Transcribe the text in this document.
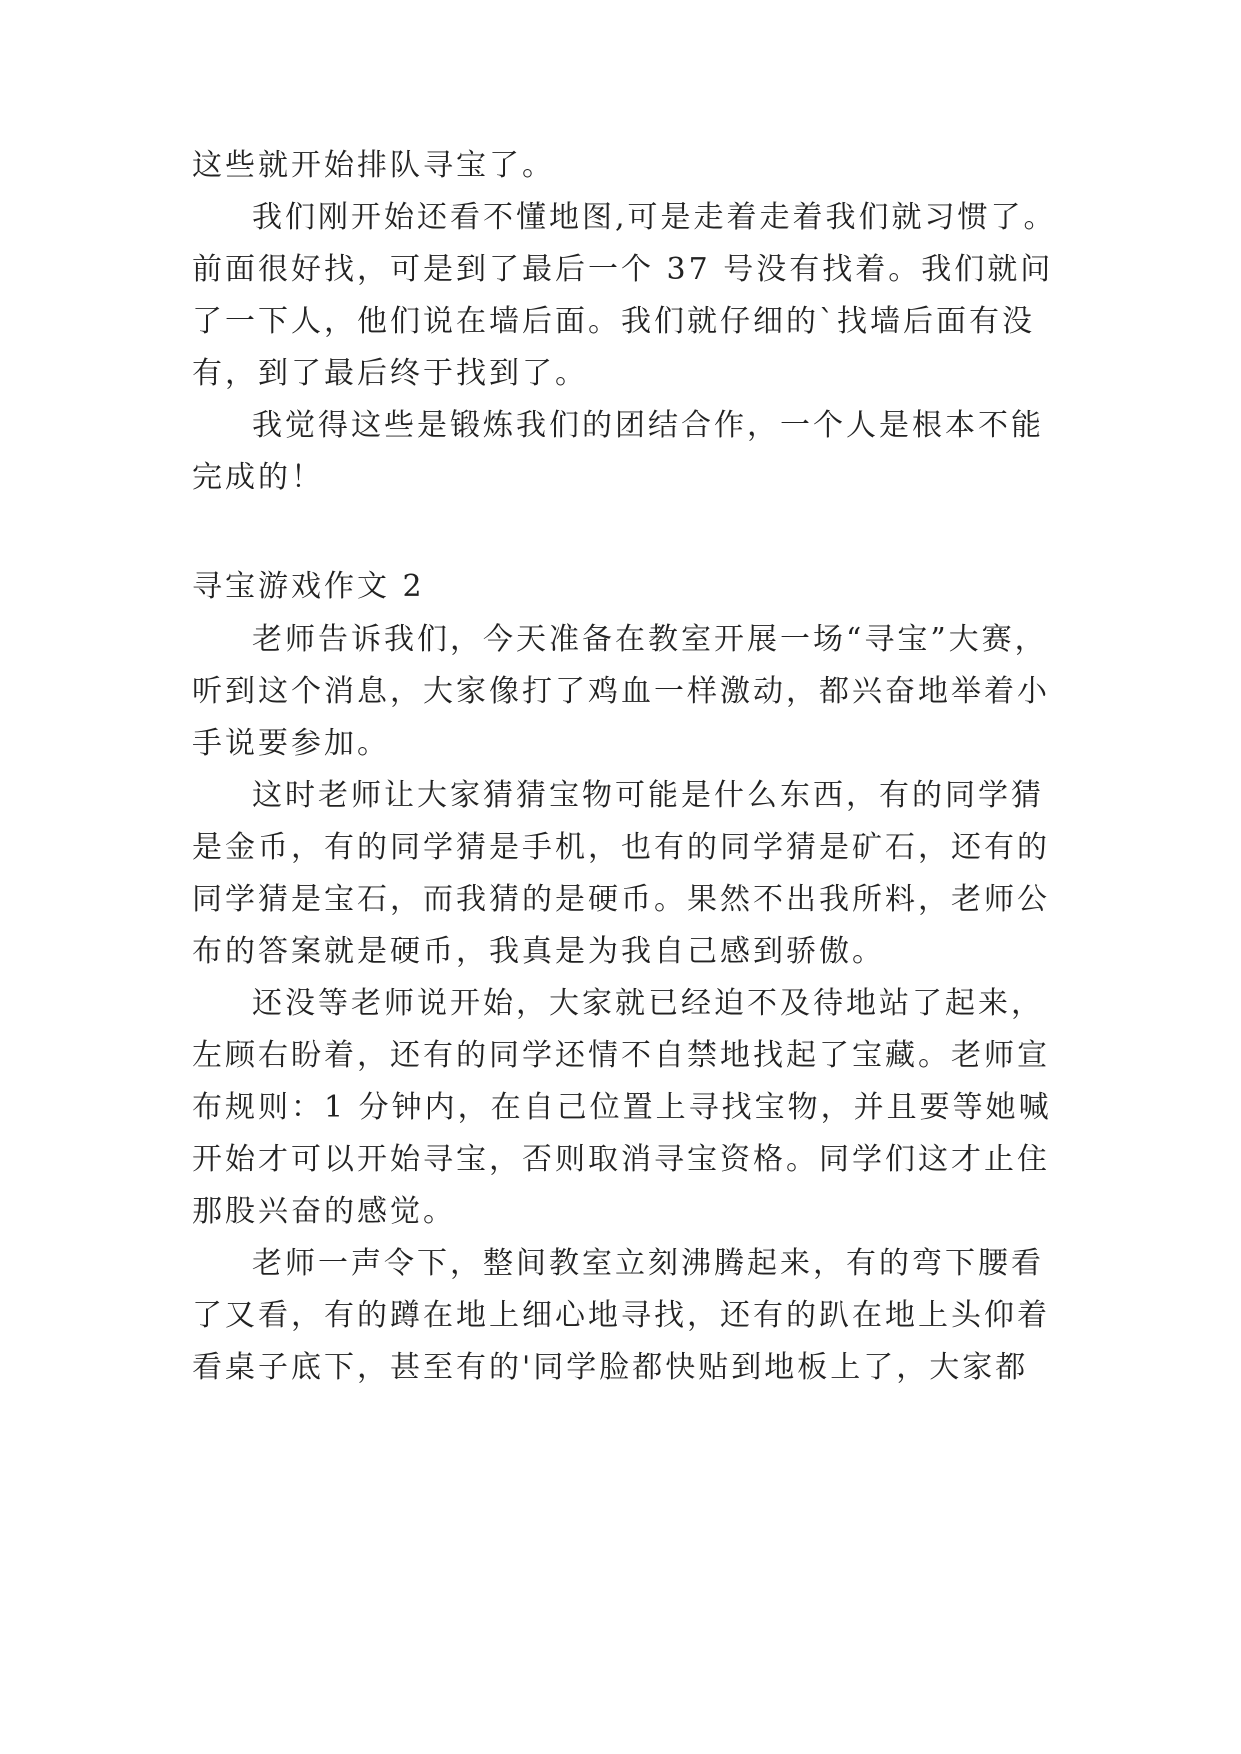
这些就开始排队寻宝了。
我们刚开始还看不懂地图,可是走着走着我们就习惯了。
前面很好找，可是到了最后一个 37 号没有找着。我们就问
了一下人，他们说在墙后面。我们就仔细的`找墙后面有没
有，到了最后终于找到了。
我觉得这些是锻炼我们的团结合作，一个人是根本不能
完成的！
寻宝游戏作文 2
老师告诉我们，今天准备在教室开展一场“寻宝”大赛，
听到这个消息，大家像打了鸡血一样激动，都兴奋地举着小
手说要参加。
这时老师让大家猜猜宝物可能是什么东西，有的同学猜
是金币，有的同学猜是手机，也有的同学猜是矿石，还有的
同学猜是宝石，而我猜的是硬币。果然不出我所料，老师公
布的答案就是硬币，我真是为我自己感到骄傲。
还没等老师说开始，大家就已经迫不及待地站了起来，
左顾右盼着，还有的同学还情不自禁地找起了宝藏。老师宣
布规则：1 分钟内，在自己位置上寻找宝物，并且要等她喊
开始才可以开始寻宝，否则取消寻宝资格。同学们这才止住
那股兴奋的感觉。
老师一声令下，整间教室立刻沸腾起来，有的弯下腰看
了又看，有的蹲在地上细心地寻找，还有的趴在地上头仰着
看桌子底下，甚至有的'同学脸都快贴到地板上了，大家都
